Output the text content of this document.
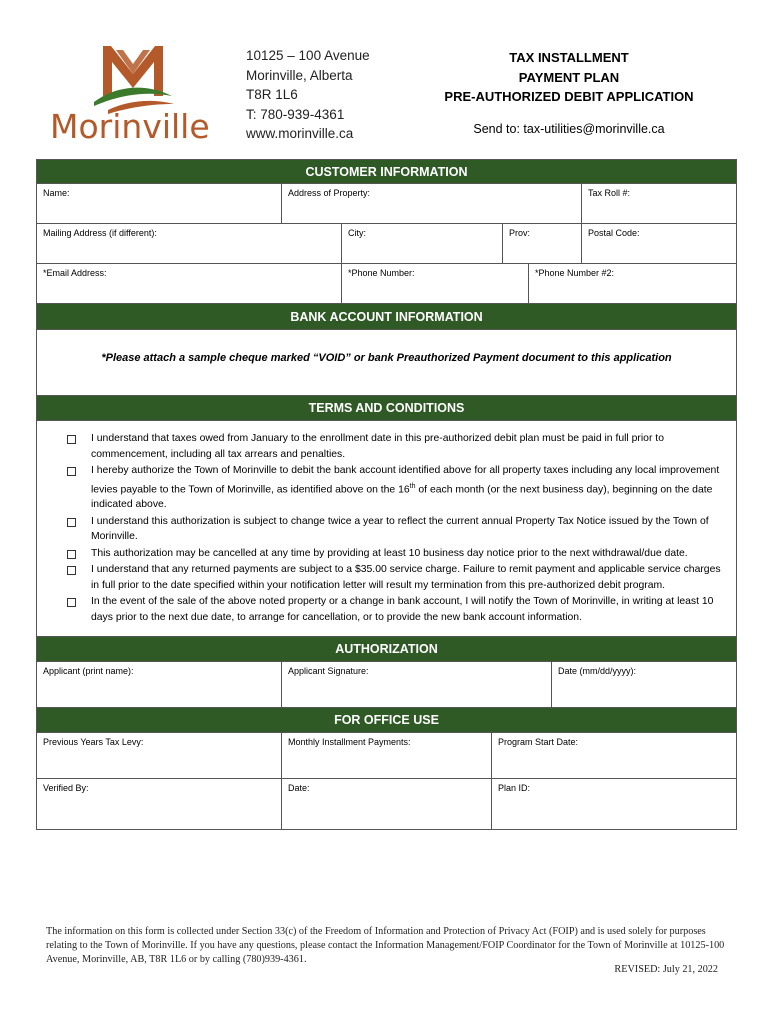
Morinville
10125 – 100 Avenue
Morinville, Alberta
T8R 1L6
T: 780-939-4361
www.morinville.ca
TAX INSTALLMENT
PAYMENT PLAN
PRE-AUTHORIZED DEBIT APPLICATION
Send to: tax-utilities@morinville.ca
CUSTOMER INFORMATION
Name:	Address of Property:	Tax Roll #:
Mailing Address (if different):	City:	Prov:	Postal Code:
*Email Address:	*Phone Number:	*Phone Number #2:
BANK ACCOUNT INFORMATION
*Please attach a sample cheque marked “VOID” or bank Preauthorized Payment document to this application
TERMS AND CONDITIONS
I understand that taxes owed from January to the enrollment date in this pre-authorized debit plan must be paid in full prior to commencement, including all tax arrears and penalties.
I hereby authorize the Town of Morinville to debit the bank account identified above for all property taxes including any local improvement levies payable to the Town of Morinville, as identified above on the 16th of each month (or the next business day), beginning on the date indicated above.
I understand this authorization is subject to change twice a year to reflect the current annual Property Tax Notice issued by the Town of Morinville.
This authorization may be cancelled at any time by providing at least 10 business day notice prior to the next withdrawal/due date.
I understand that any returned payments are subject to a $35.00 service charge. Failure to remit payment and applicable service charges in full prior to the date specified within your notification letter will result my termination from this pre-authorized debit program.
In the event of the sale of the above noted property or a change in bank account, I will notify the Town of Morinville, in writing at least 10 days prior to the next due date, to arrange for cancellation, or to provide the new bank account information.
AUTHORIZATION
Applicant (print name):	Applicant Signature:	Date (mm/dd/yyyy):
FOR OFFICE USE
Previous Years Tax Levy:	Monthly Installment Payments:	Program Start Date:
Verified By:	Date:	Plan ID:
The information on this form is collected under Section 33(c) of the Freedom of Information and Protection of Privacy Act (FOIP) and is used solely for purposes relating to the Town of Morinville. If you have any questions, please contact the Information Management/FOIP Coordinator for the Town of Morinville at 10125-100 Avenue, Morinville, AB, T8R 1L6 or by calling (780)939-4361.
REVISED: July 21, 2022
